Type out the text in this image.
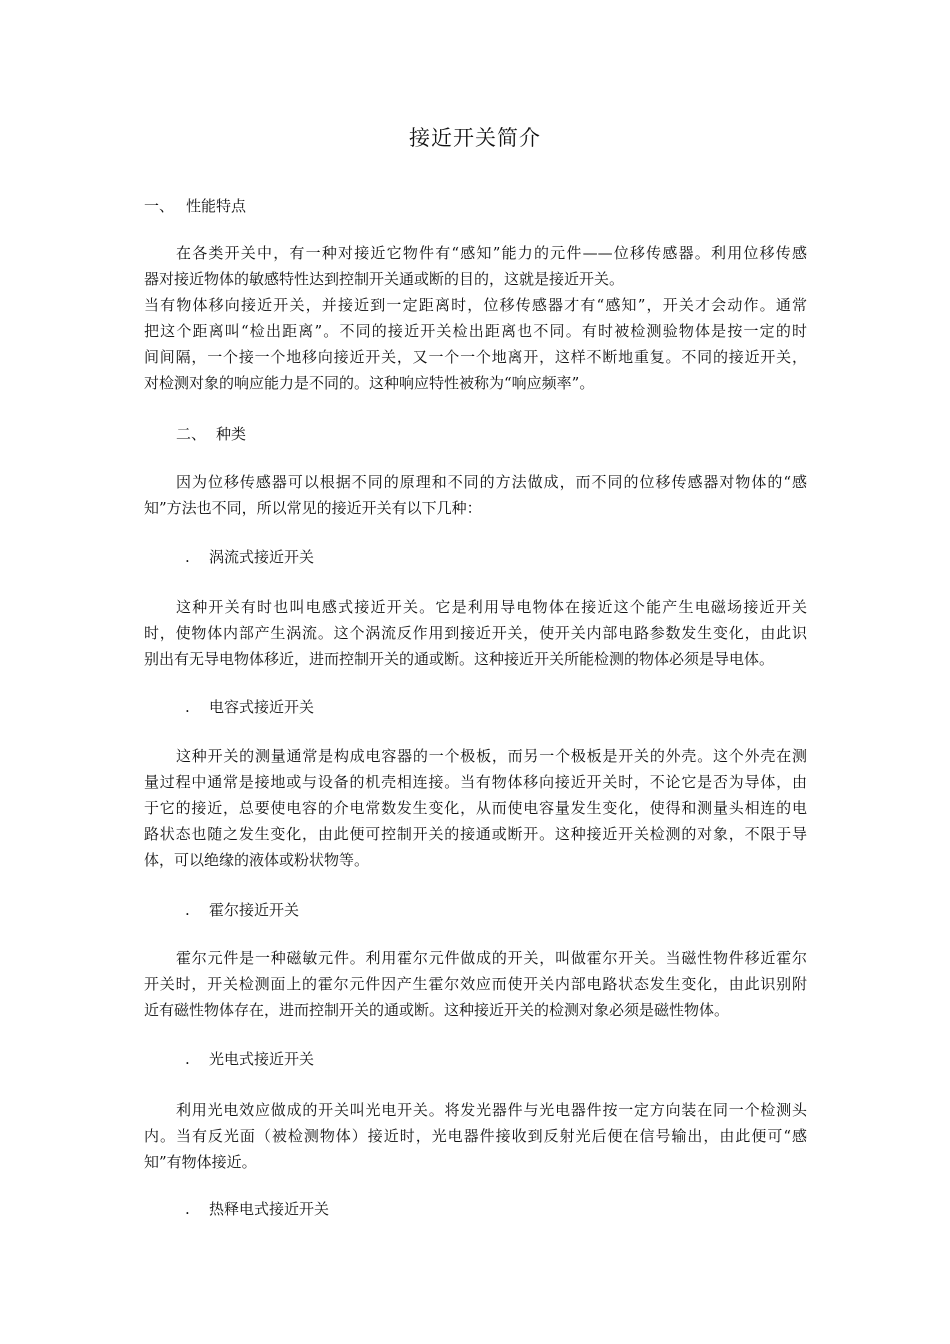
接近开关简介
一、 性能特点
在各类开关中，有一种对接近它物件有“感知”能力的元件——位移传感器。利用位移传感
器对接近物体的敏感特性达到控制开关通或断的目的，这就是接近开关。
当有物体移向接近开关，并接近到一定距离时，位移传感器才有“感知”，开关才会动作。通常
把这个距离叫“检出距离”。不同的接近开关检出距离也不同。有时被检测验物体是按一定的时
间间隔，一个接一个地移向接近开关，又一个一个地离开，这样不断地重复。不同的接近开关，
对检测对象的响应能力是不同的。这种响应特性被称为“响应频率”。
二、 种类
因为位移传感器可以根据不同的原理和不同的方法做成，而不同的位移传感器对物体的“感
知”方法也不同，所以常见的接近开关有以下几种：
. 涡流式接近开关
这种开关有时也叫电感式接近开关。它是利用导电物体在接近这个能产生电磁场接近开关
时，使物体内部产生涡流。这个涡流反作用到接近开关，使开关内部电路参数发生变化，由此识
别出有无导电物体移近，进而控制开关的通或断。这种接近开关所能检测的物体必须是导电体。
. 电容式接近开关
这种开关的测量通常是构成电容器的一个极板，而另一个极板是开关的外壳。这个外壳在测
量过程中通常是接地或与设备的机壳相连接。当有物体移向接近开关时，不论它是否为导体，由
于它的接近，总要使电容的介电常数发生变化，从而使电容量发生变化，使得和测量头相连的电
路状态也随之发生变化，由此便可控制开关的接通或断开。这种接近开关检测的对象，不限于导
体，可以绝缘的液体或粉状物等。
. 霍尔接近开关
霍尔元件是一种磁敏元件。利用霍尔元件做成的开关，叫做霍尔开关。当磁性物件移近霍尔
开关时，开关检测面上的霍尔元件因产生霍尔效应而使开关内部电路状态发生变化，由此识别附
近有磁性物体存在，进而控制开关的通或断。这种接近开关的检测对象必须是磁性物体。
. 光电式接近开关
利用光电效应做成的开关叫光电开关。将发光器件与光电器件按一定方向装在同一个检测头
内。当有反光面（被检测物体）接近时，光电器件接收到反射光后便在信号输出，由此便可“感
知”有物体接近。
. 热释电式接近开关
